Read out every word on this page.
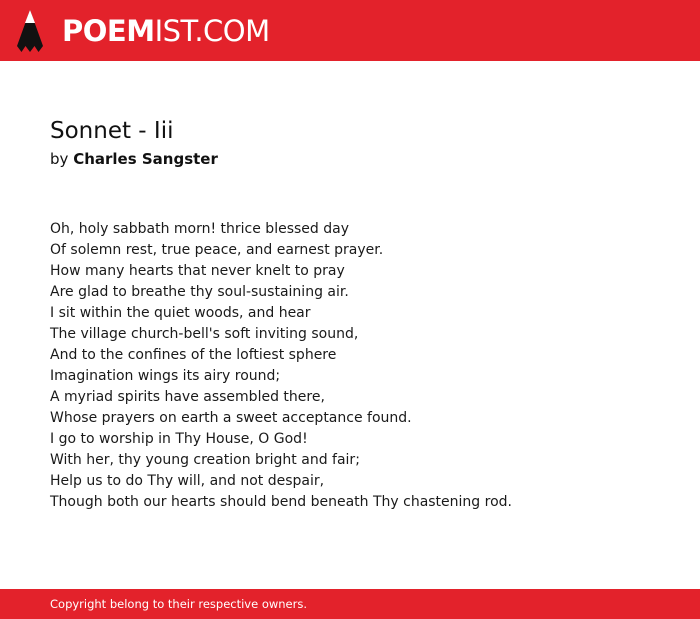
POEMIST.COM
Sonnet - Iii
by Charles Sangster
Oh, holy sabbath morn! thrice blessed day
Of solemn rest, true peace, and earnest prayer.
How many hearts that never knelt to pray
Are glad to breathe thy soul-sustaining air.
I sit within the quiet woods, and hear
The village church-bell's soft inviting sound,
And to the confines of the loftiest sphere
Imagination wings its airy round;
A myriad spirits have assembled there,
Whose prayers on earth a sweet acceptance found.
I go to worship in Thy House, O God!
With her, thy young creation bright and fair;
Help us to do Thy will, and not despair,
Though both our hearts should bend beneath Thy chastening rod.
Copyright belong to their respective owners.
